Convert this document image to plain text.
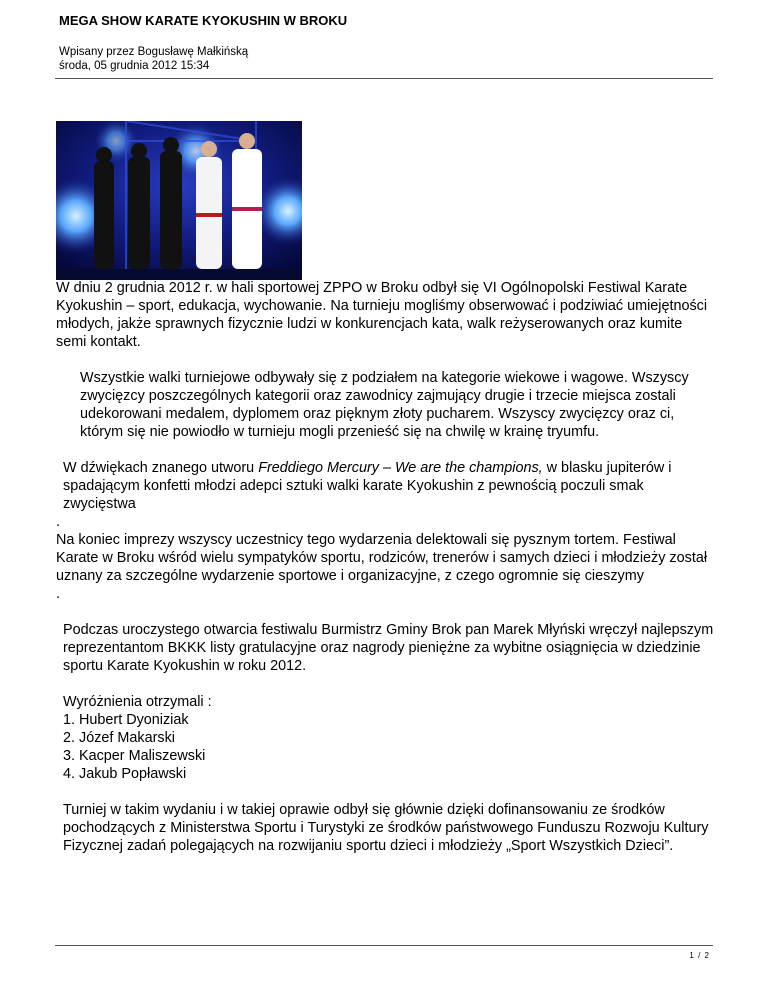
MEGA SHOW KARATE KYOKUSHIN W BROKU
Wpisany przez Bogusławę Małkińską
środa, 05 grudnia 2012 15:34

W dniu 2 grudnia 2012 r. w hali sportowej ZPPO w Broku odbył się VI Ogólnopolski Festiwal Karate Kyokushin – sport, edukacja, wychowanie. Na turnieju mogliśmy obserwować i podziwiać umiejętności młodych, jakże sprawnych fizycznie ludzi w konkurencjach kata, walk reżyserowanych oraz kumite semi kontakt.

Wszystkie walki turniejowe odbywały się z podziałem na kategorie wiekowe i wagowe. Wszyscy zwycięzcy poszczególnych kategorii oraz zawodnicy zajmujący drugie i trzecie miejsca zostali udekorowani medalem, dyplomem oraz pięknym złoty pucharem. Wszyscy zwycięzcy oraz ci, którym się nie powiodło w turnieju mogli przenieść się na chwilę w krainę tryumfu.

W dźwiękach znanego utworu Freddiego Mercury – We are the champions, w blasku jupiterów i spadającym konfetti młodzi adepci sztuki walki karate Kyokushin z pewnością poczuli smak zwycięstwa

.

Na koniec imprezy wszyscy uczestnicy tego wydarzenia delektowali się pysznym tortem. Festiwal Karate w Broku wśród wielu sympatyków sportu, rodziców, trenerów i samych dzieci i młodzieży został uznany za szczególne wydarzenie sportowe i organizacyjne, z czego ogromnie się cieszymy

.

Podczas uroczystego otwarcia festiwalu Burmistrz Gminy Brok pan Marek Młyński wręczył najlepszym reprezentantom BKKK listy gratulacyjne oraz nagrody pieniężne za wybitne osiągnięcia w dziedzinie sportu Karate Kyokushin w roku 2012.

Wyróżnienia otrzymali :

1. Hubert Dyoniziak

2. Józef Makarski

3. Kacper Maliszewski

4. Jakub Popławski

Turniej w takim wydaniu i w takiej oprawie odbył się głównie dzięki dofinansowaniu ze środków pochodzących z Ministerstwa Sportu i Turystyki ze środków państwowego Funduszu Rozwoju Kultury Fizycznej zadań polegających na rozwijaniu sportu dzieci i młodzieży „Sport Wszystkich Dzieci”.

1 / 2
